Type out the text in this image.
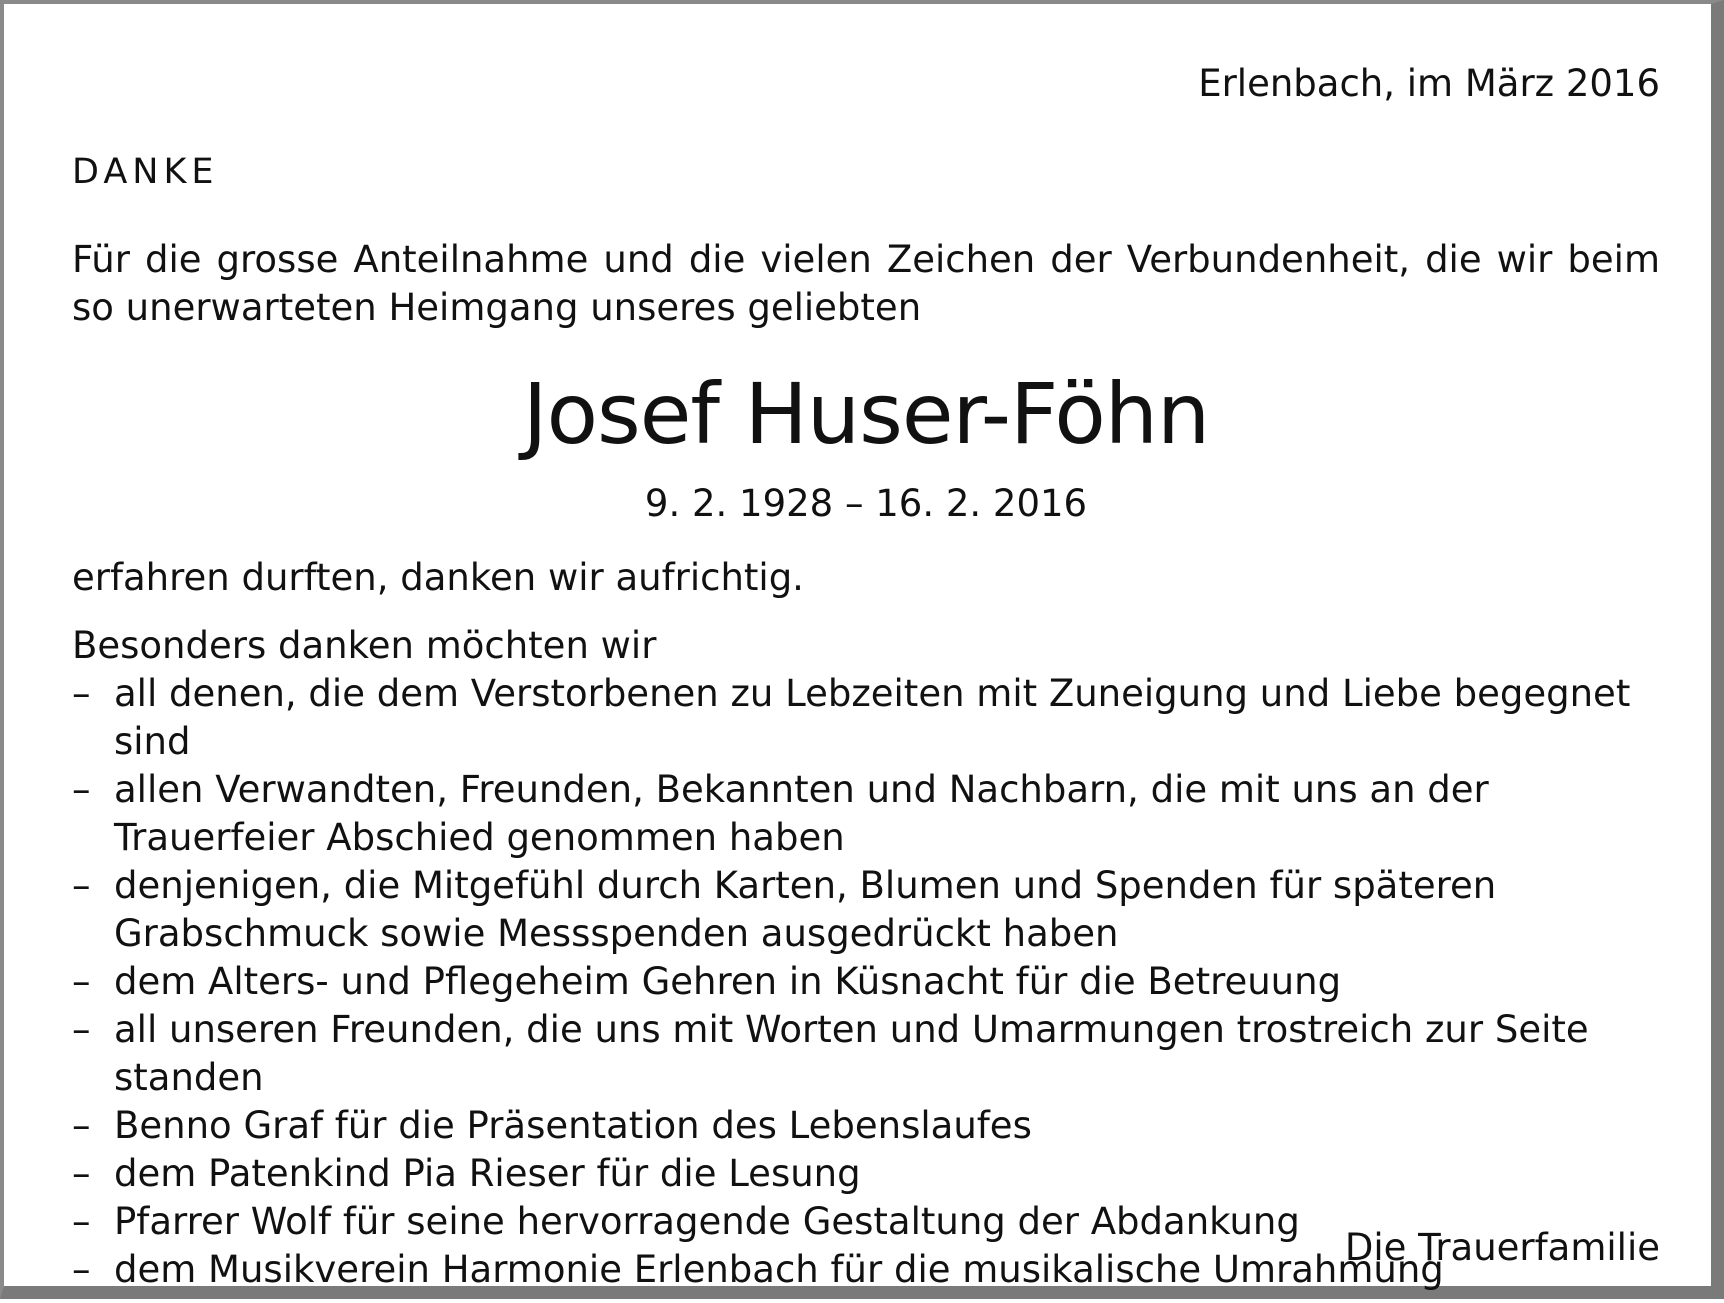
Erlenbach, im März 2016
DANKE
Für die grosse Anteilnahme und die vielen Zeichen der Verbundenheit, die wir beim so unerwarteten Heimgang unseres geliebten
Josef Huser-Föhn
9. 2. 1928 – 16. 2. 2016
erfahren durften, danken wir aufrichtig.
Besonders danken möchten wir
– all denen, die dem Verstorbenen zu Lebzeiten mit Zuneigung und Liebe begegnet sind
– allen Verwandten, Freunden, Bekannten und Nachbarn, die mit uns an der Trauerfeier Abschied genommen haben
– denjenigen, die Mitgefühl durch Karten, Blumen und Spenden für späteren Grabschmuck sowie Messspenden ausgedrückt haben
– dem Alters- und Pflegeheim Gehren in Küsnacht für die Betreuung
– all unseren Freunden, die uns mit Worten und Umarmungen trostreich zur Seite standen
– Benno Graf für die Präsentation des Lebenslaufes
– dem Patenkind Pia Rieser für die Lesung
– Pfarrer Wolf für seine hervorragende Gestaltung der Abdankung
– dem Musikverein Harmonie Erlenbach für die musikalische Umrahmung
Die Trauerfamilie
